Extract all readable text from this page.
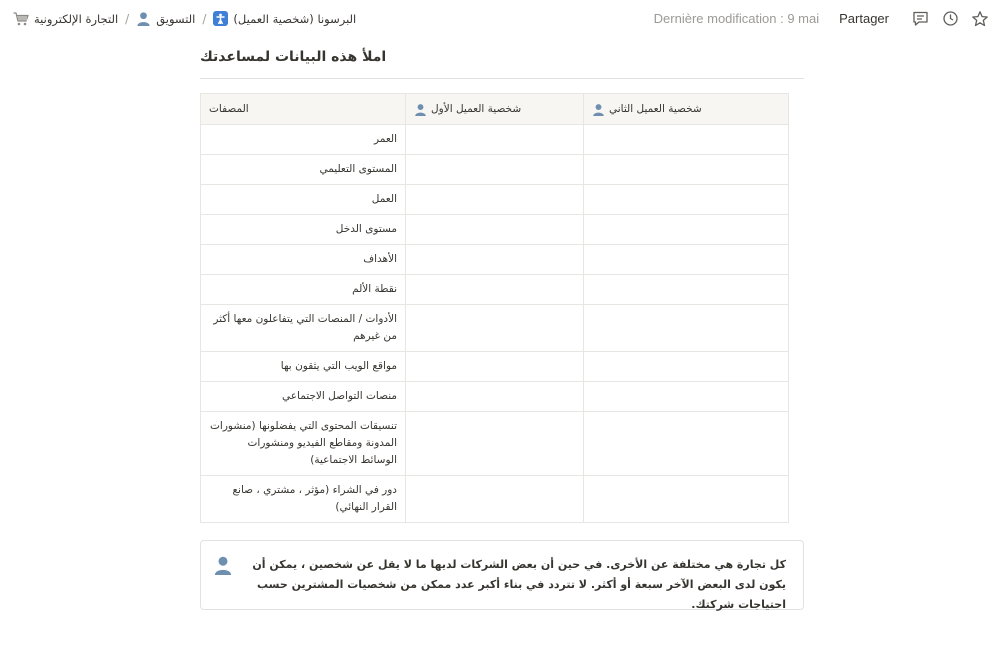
التجارة الإلكترونية / التسويق / البرسونا (شخصية العميل)	Dernière modification : 9 mai	Partager
املأ هذه البيانات لمساعدتك
المصفات	شخصية العميل الأول	شخصية العميل الثاني

العمر		
المستوى التعليمي		
العمل		
مستوى الدخل		
الأهداف		
نقطة الألم		
الأدوات / المنصات التي يتفاعلون معها أكثر من غيرهم		
مواقع الويب التي يثقون بها		
منصات التواصل الاجتماعي		
تنسيقات المحتوى التي يفضلونها (منشورات المدونة ومقاطع الفيديو ومنشورات الوسائط الاجتماعية)		
دور في الشراء (مؤثر ، مشتري ، صانع القرار النهائي)		
كل تجارة هي مختلفة عن الأخرى. في حين أن بعض الشركات لديها ما لا يقل عن شخصين ، يمكن أن يكون لدى البعض الآخر سبعة أو أكثر. لا تتردد في بناء أكبر عدد ممكن من شخصيات المشترين حسب احتياجات شركتك.
